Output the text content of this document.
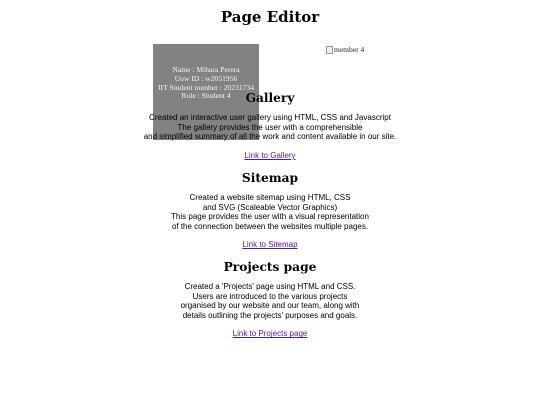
Page Editor
Name : Mihara Perera
Uow ID : w2051956
IIT Student number : 20231734
Role : Student 4
member 4
Gallery
Created an interactive user gallery using HTML, CSS and Javascript
The gallery provides the user with a comprehensible
and simplified summary of all the work and content available in our site.
Link to Gallery
Sitemap
Created a website sitemap using HTML, CSS
and SVG (Scaleable Vector Graphics)
This page provides the user with a visual representation
of the connection between the websites multiple pages.
Link to Sitemap
Projects page
Created a 'Projects' page using HTML and CSS.
Users are introduced to the various projects
organised by our website and our team, along with
details outlining the projects' purposes and goals.
Link to Projects page
